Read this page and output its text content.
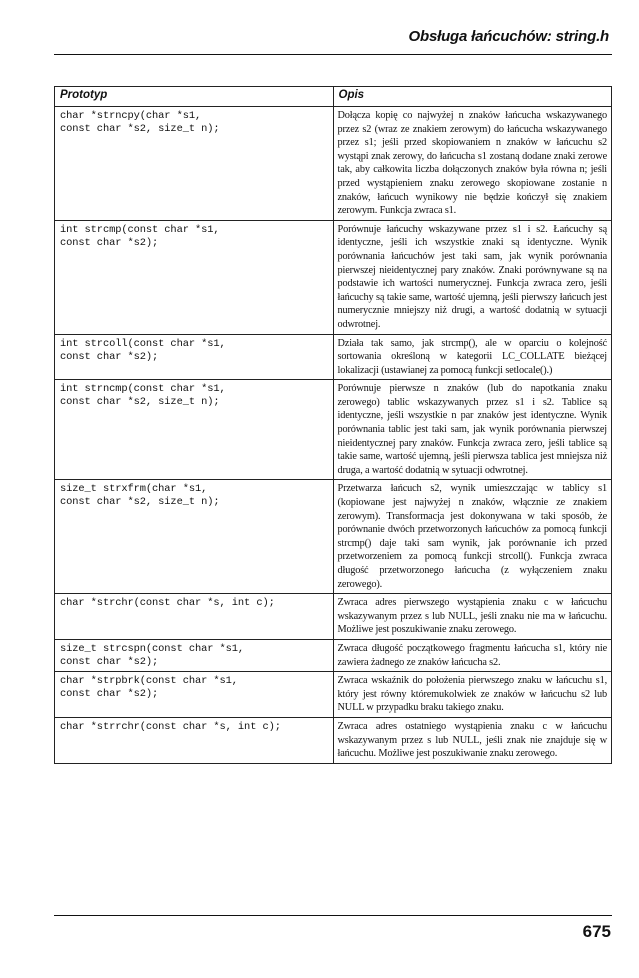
Obsługa łańcuchów: string.h
Prototyp	Opis
char *strncpy(char *s1,
const char *s2, size_t n);	Dołącza kopię co najwyżej n znaków łańcucha wskazywanego przez s2 (wraz ze znakiem zerowym) do łańcucha wskazywanego przez s1; jeśli przed skopiowaniem n znaków w łańcuchu s2 wystąpi znak zerowy, do łańcucha s1 zostaną dodane znaki zerowe tak, aby całkowita liczba dołączonych znaków była równa n; jeśli przed wystąpieniem znaku zerowego skopiowane zostanie n znaków, łańcuch wynikowy nie będzie kończył się znakiem zerowym. Funkcja zwraca s1.
int strcmp(const char *s1,
const char *s2);	Porównuje łańcuchy wskazywane przez s1 i s2. Łańcuchy są identyczne, jeśli ich wszystkie znaki są identyczne. Wynik porównania łańcuchów jest taki sam, jak wynik porównania pierwszej nieidentycznej pary znaków. Znaki porównywane są na podstawie ich wartości numerycznej. Funkcja zwraca zero, jeśli łańcuchy są takie same, wartość ujemną, jeśli pierwszy łańcuch jest numerycznie mniejszy niż drugi, a wartość dodatnią w sytuacji odwrotnej.
int strcoll(const char *s1,
const char *s2);	Działa tak samo, jak strcmp(), ale w oparciu o kolejność sortowania określoną w kategorii LC_COLLATE bieżącej lokalizacji (ustawianej za pomocą funkcji setlocale().)
int strncmp(const char *s1,
const char *s2, size_t n);	Porównuje pierwsze n znaków (lub do napotkania znaku zerowego) tablic wskazywanych przez s1 i s2. Tablice są identyczne, jeśli wszystkie n par znaków jest identyczne. Wynik porównania tablic jest taki sam, jak wynik porównania pierwszej nieidentycznej pary znaków. Funkcja zwraca zero, jeśli tablice są takie same, wartość ujemną, jeśli pierwsza tablica jest mniejsza niż druga, a wartość dodatnią w sytuacji odwrotnej.
size_t strxfrm(char *s1,
const char *s2, size_t n);	Przetwarza łańcuch s2, wynik umieszczając w tablicy s1 (kopiowane jest najwyżej n znaków, włącznie ze znakiem zerowym). Transformacja jest dokonywana w taki sposób, że porównanie dwóch przetworzonych łańcuchów za pomocą funkcji strcmp() daje taki sam wynik, jak porównanie ich przed przetworzeniem za pomocą funkcji strcoll(). Funkcja zwraca długość przetworzonego łańcucha (z wyłączeniem znaku zerowego).
char *strchr(const char *s, int c);	Zwraca adres pierwszego wystąpienia znaku c w łańcuchu wskazywanym przez s lub NULL, jeśli znaku nie ma w łańcuchu. Możliwe jest poszukiwanie znaku zerowego.
size_t strcspn(const char *s1,
const char *s2);	Zwraca długość początkowego fragmentu łańcucha s1, który nie zawiera żadnego ze znaków łańcucha s2.
char *strpbrk(const char *s1,
const char *s2);	Zwraca wskaźnik do położenia pierwszego znaku w łańcuchu s1, który jest równy któremukolwiek ze znaków w łańcuchu s2 lub NULL w przypadku braku takiego znaku.
char *strrchr(const char *s, int c);	Zwraca adres ostatniego wystąpienia znaku c w łańcuchu wskazywanym przez s lub NULL, jeśli znak nie znajduje się w łańcuchu. Możliwe jest poszukiwanie znaku zerowego.
675
